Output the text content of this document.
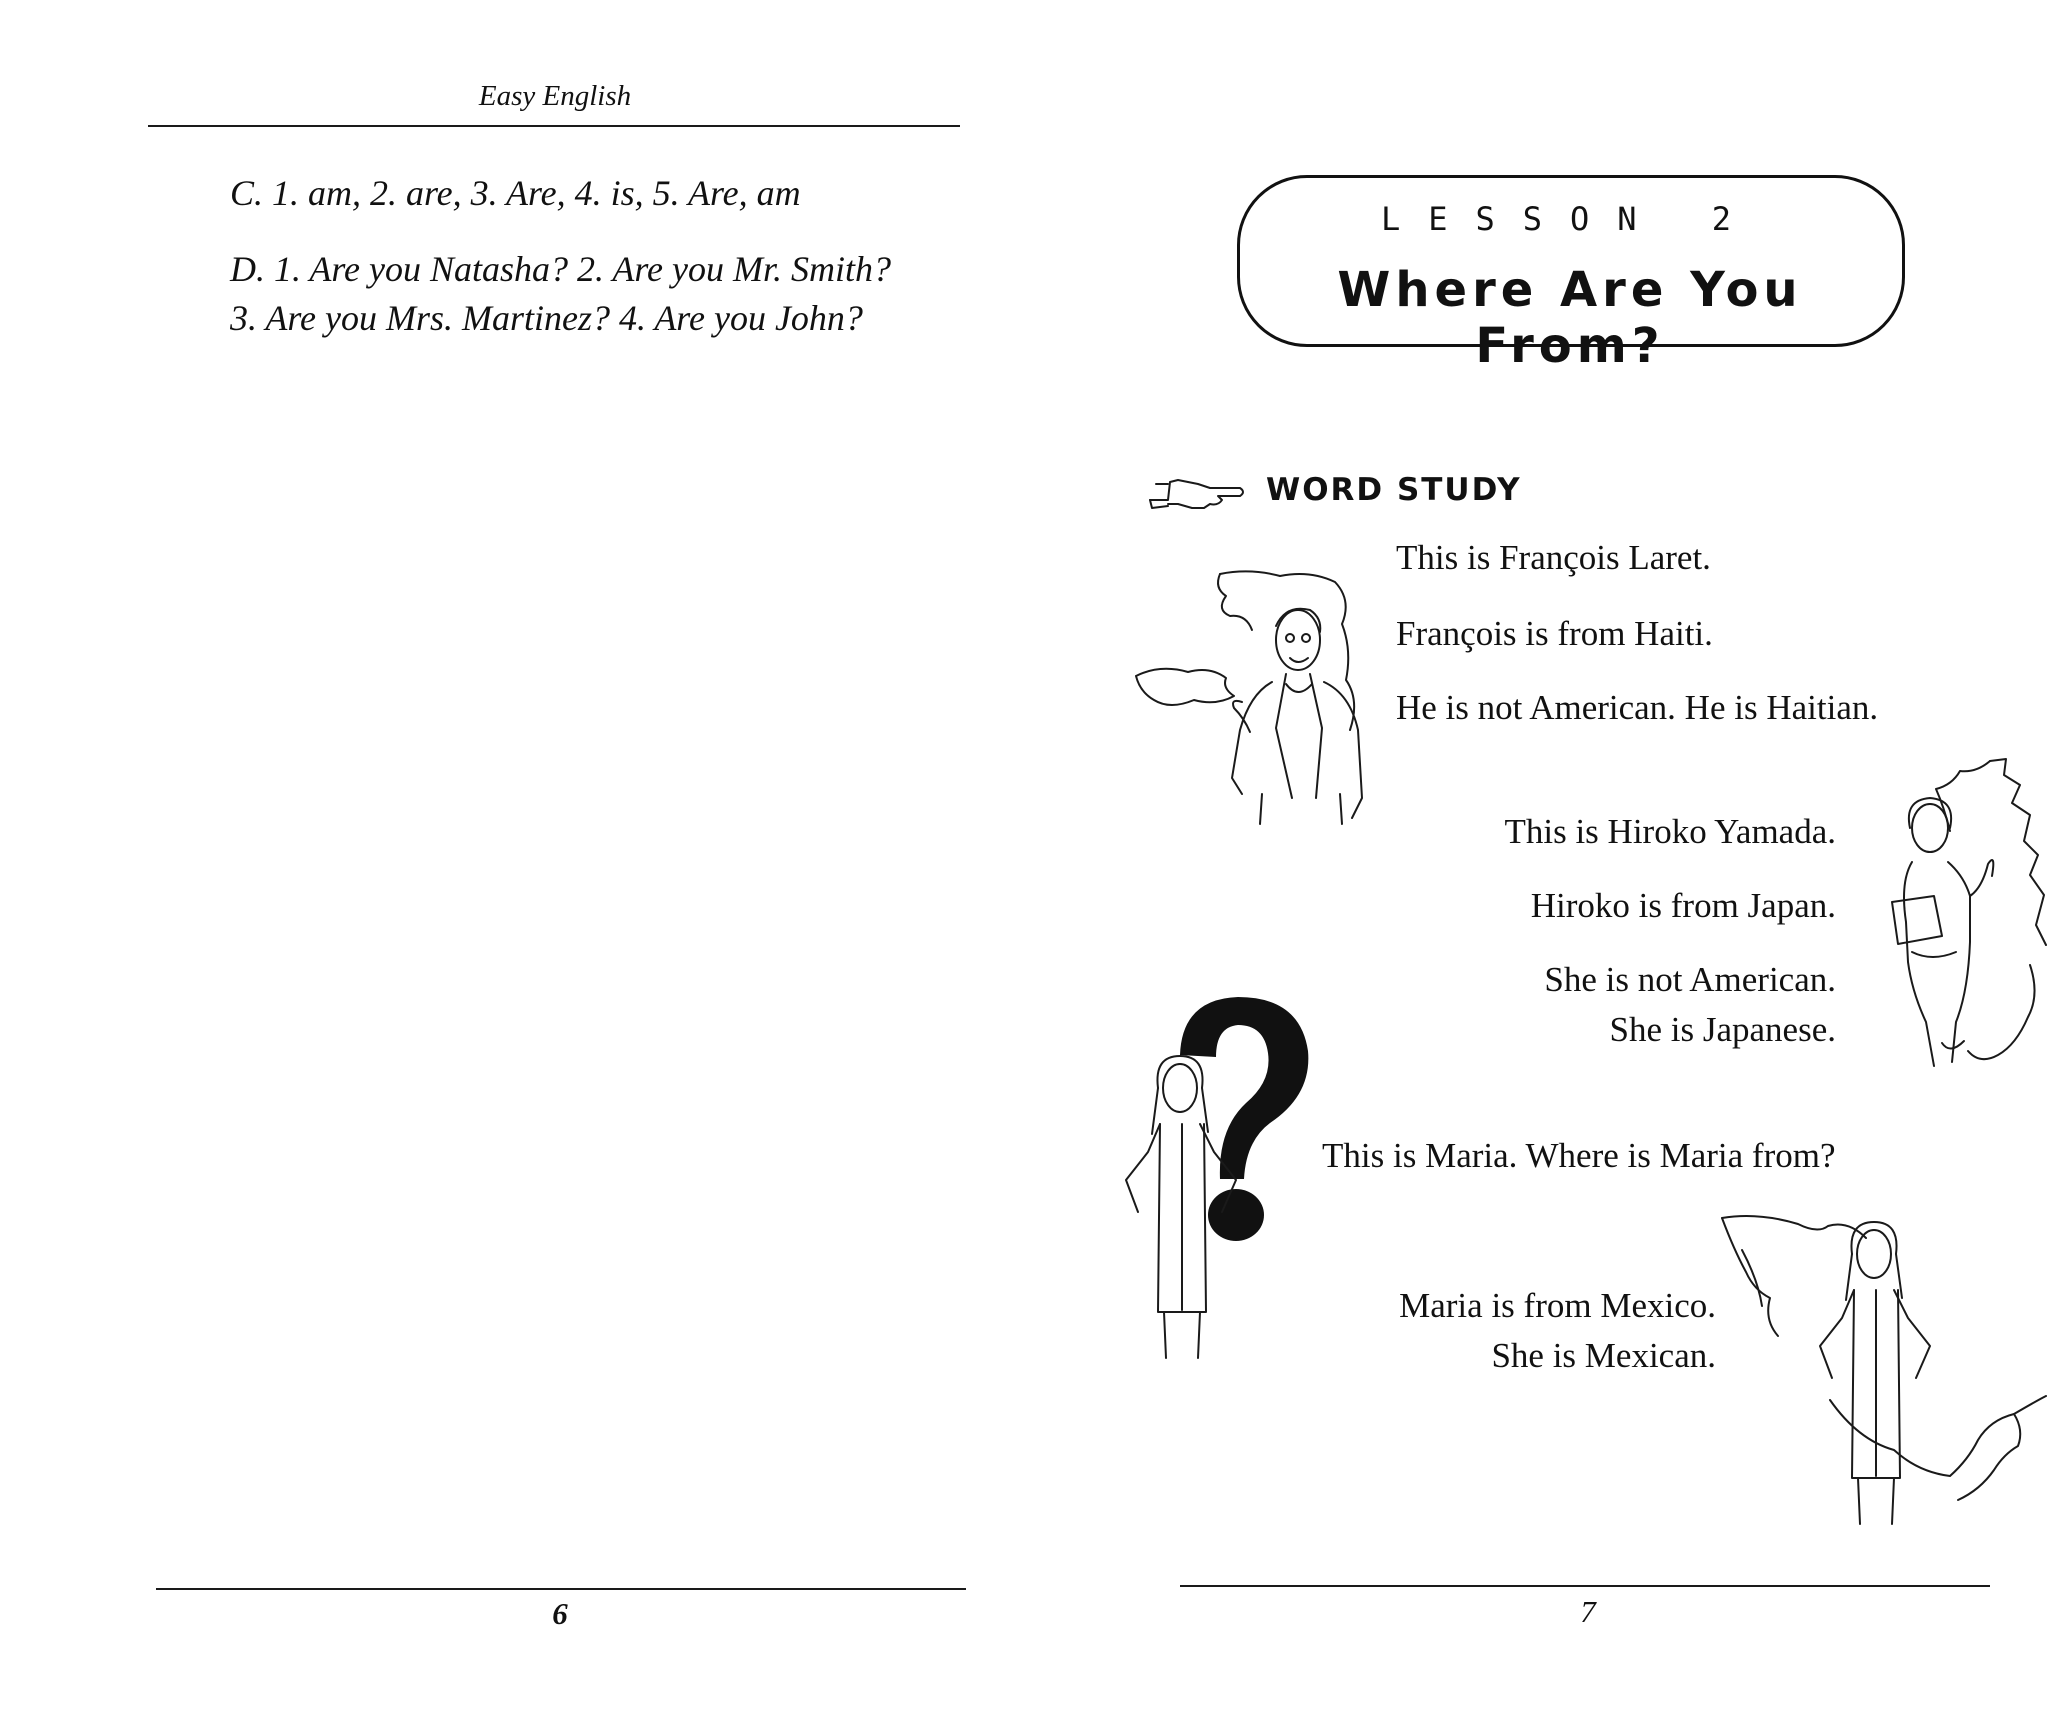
Easy English
C. 1. am, 2. are, 3. Are, 4. is, 5. Are, am
D. 1. Are you Natasha? 2. Are you Mr. Smith?
3. Are you Mrs. Martinez? 4. Are you John?
6
LESSON 2
Where Are You From?
WORD STUDY
This is François Laret.
François is from Haiti.
He is not American. He is Haitian.
This is Hiroko Yamada.
Hiroko is from Japan.
She is not American.
She is Japanese.
This is Maria. Where is Maria from?
Maria is from Mexico.
She is Mexican.
7
